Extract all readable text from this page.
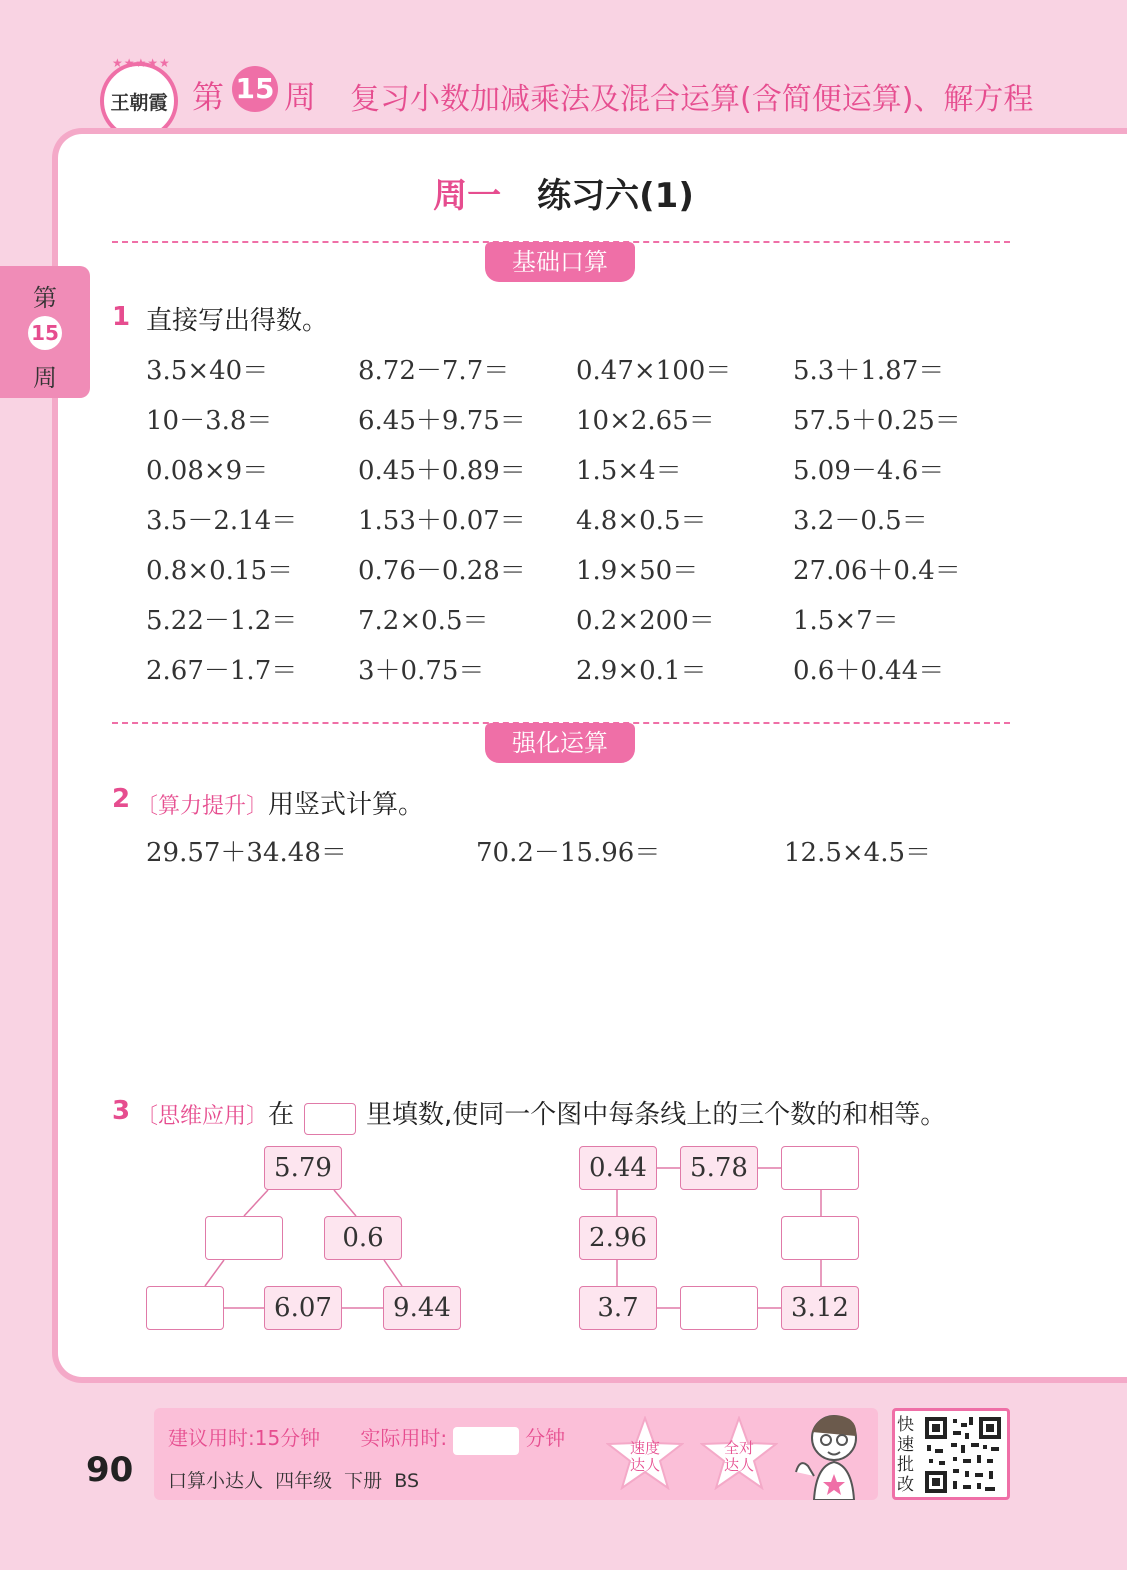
王朝霞
★★★★★
第 15 周 复习小数加减乘法及混合运算(含简便运算)、解方程
第
15
周
周一 练习六(1)
基础口算
1 直接写出得数。
3.5×40＝	8.72－7.7＝	0.47×100＝ 5.3＋1.87＝
10－3.8＝	6.45＋9.75＝ 10×2.65＝	57.5＋0.25＝
0.08×9＝	0.45＋0.89＝ 1.5×4＝	5.09－4.6＝
3.5－2.14＝ 1.53＋0.07＝ 4.8×0.5＝	3.2－0.5＝
0.8×0.15＝ 0.76－0.28＝ 1.9×50＝	27.06＋0.4＝
5.22－1.2＝ 7.2×0.5＝	0.2×200＝	1.5×7＝
2.67－1.7＝ 3＋0.75＝	2.9×0.1＝	0.6＋0.44＝
强化运算
2 〔算力提升〕用竖式计算。
29.57＋34.48＝	70.2－15.96＝	12.5×4.5＝
3 〔思维应用〕在	里填数,使同一个图中每条线上的三个数的和相等。
5.79
0.6
6.07	9.44
0.44	5.78
2.96
3.7	3.12
90
建议用时:15分钟 实际用时:	分钟
口算小达人  四年级  下册  BS
速度达人
全对达人
快速批改
